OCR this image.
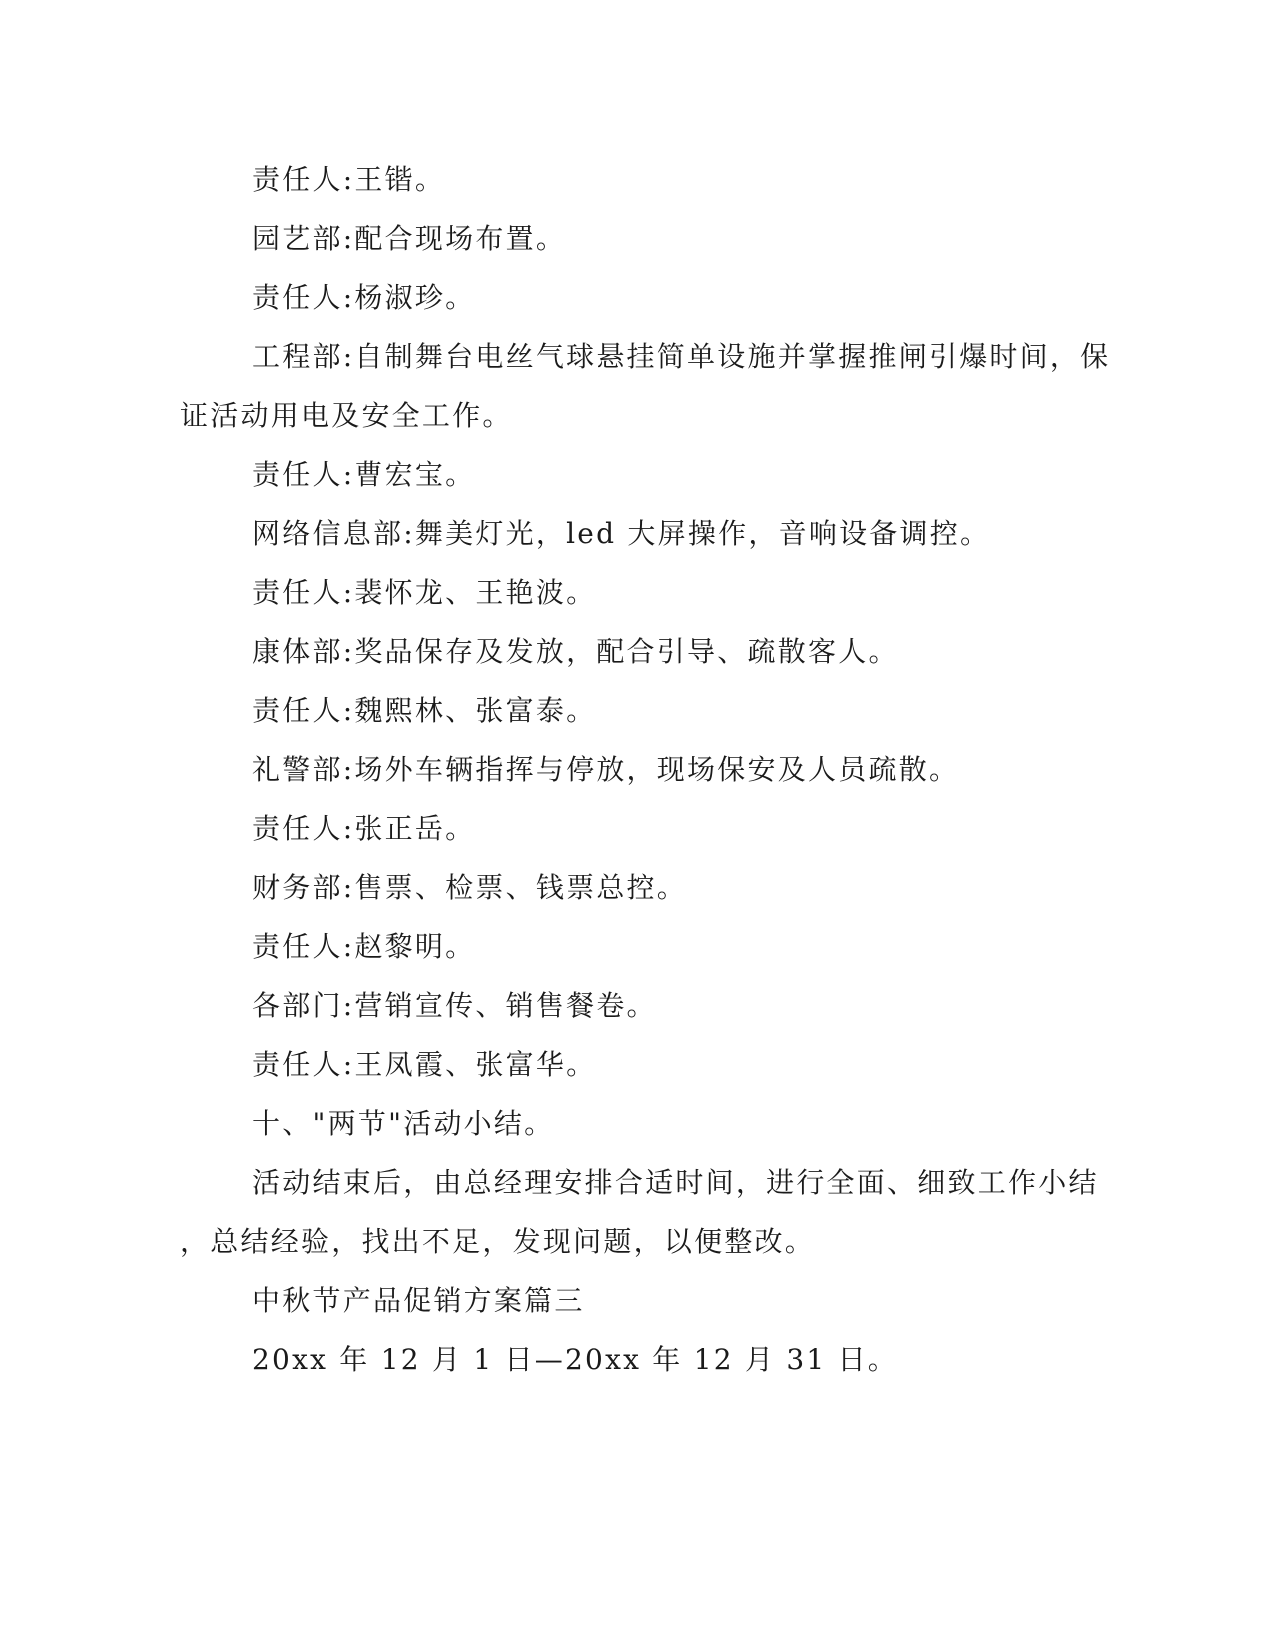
责任人:王锴。

园艺部:配合现场布置。

责任人:杨淑珍。

工程部:自制舞台电丝气球悬挂简单设施并掌握推闸引爆时间，保

证活动用电及安全工作。

责任人:曹宏宝。

网络信息部:舞美灯光，led 大屏操作，音响设备调控。

责任人:裴怀龙、王艳波。

康体部:奖品保存及发放，配合引导、疏散客人。

责任人:魏熙林、张富泰。

礼警部:场外车辆指挥与停放，现场保安及人员疏散。

责任人:张正岳。

财务部:售票、检票、钱票总控。

责任人:赵黎明。

各部门:营销宣传、销售餐卷。

责任人:王凤霞、张富华。

十、"两节"活动小结。

活动结束后，由总经理安排合适时间，进行全面、细致工作小结

，总结经验，找出不足，发现问题，以便整改。

中秋节产品促销方案篇三

20xx 年 12 月 1 日—20xx 年 12 月 31 日。
